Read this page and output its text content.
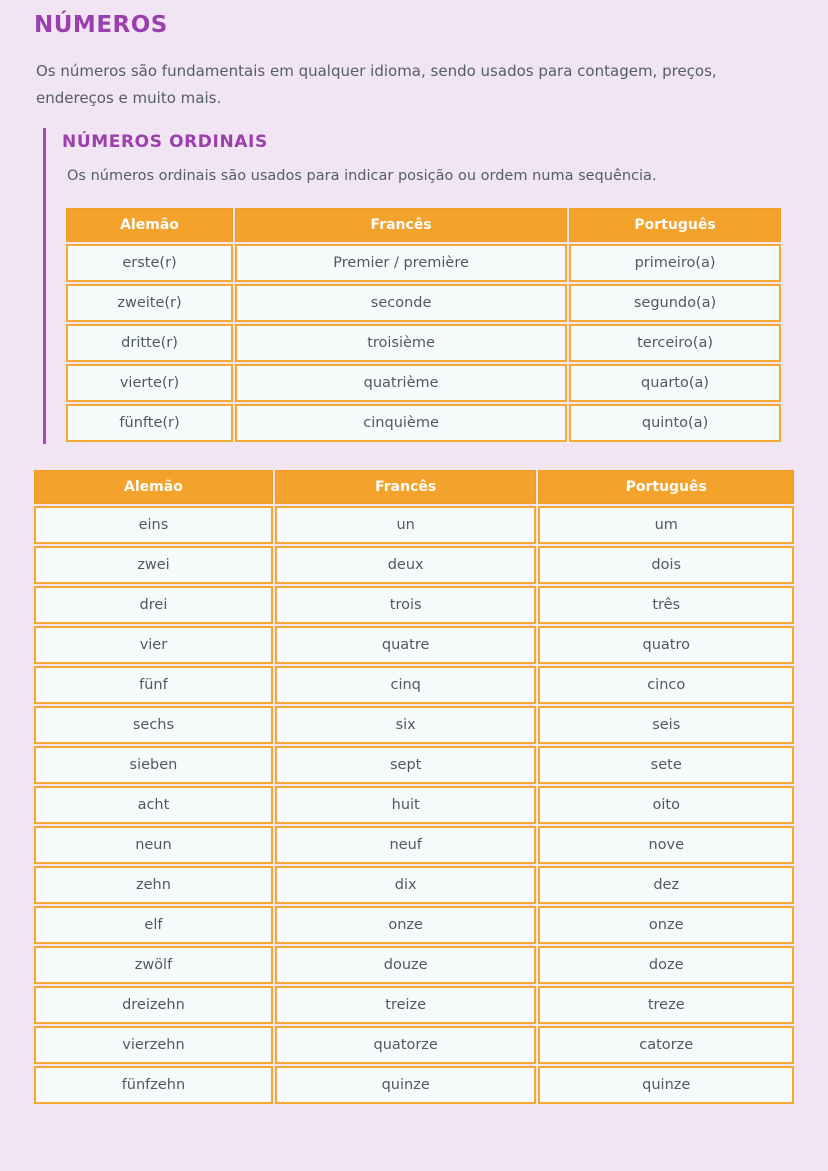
NÚMEROS

Os números são fundamentais em qualquer idioma, sendo usados para contagem, preços, endereços e muito mais.

NÚMEROS ORDINAIS

Os números ordinais são usados para indicar posição ou ordem numa sequência.

Alemão	Francês	Português
erste(r)	Premier / première	primeiro(a)
zweite(r)	seconde	segundo(a)
dritte(r)	troisième	terceiro(a)
vierte(r)	quatrième	quarto(a)
fünfte(r)	cinquième	quinto(a)
Alemão	Francês	Português
eins	un	um
zwei	deux	dois
drei	trois	três
vier	quatre	quatro
fünf	cinq	cinco
sechs	six	seis
sieben	sept	sete
acht	huit	oito
neun	neuf	nove
zehn	dix	dez
elf	onze	onze
zwölf	douze	doze
dreizehn	treize	treze
vierzehn	quatorze	catorze
fünfzehn	quinze	quinze
